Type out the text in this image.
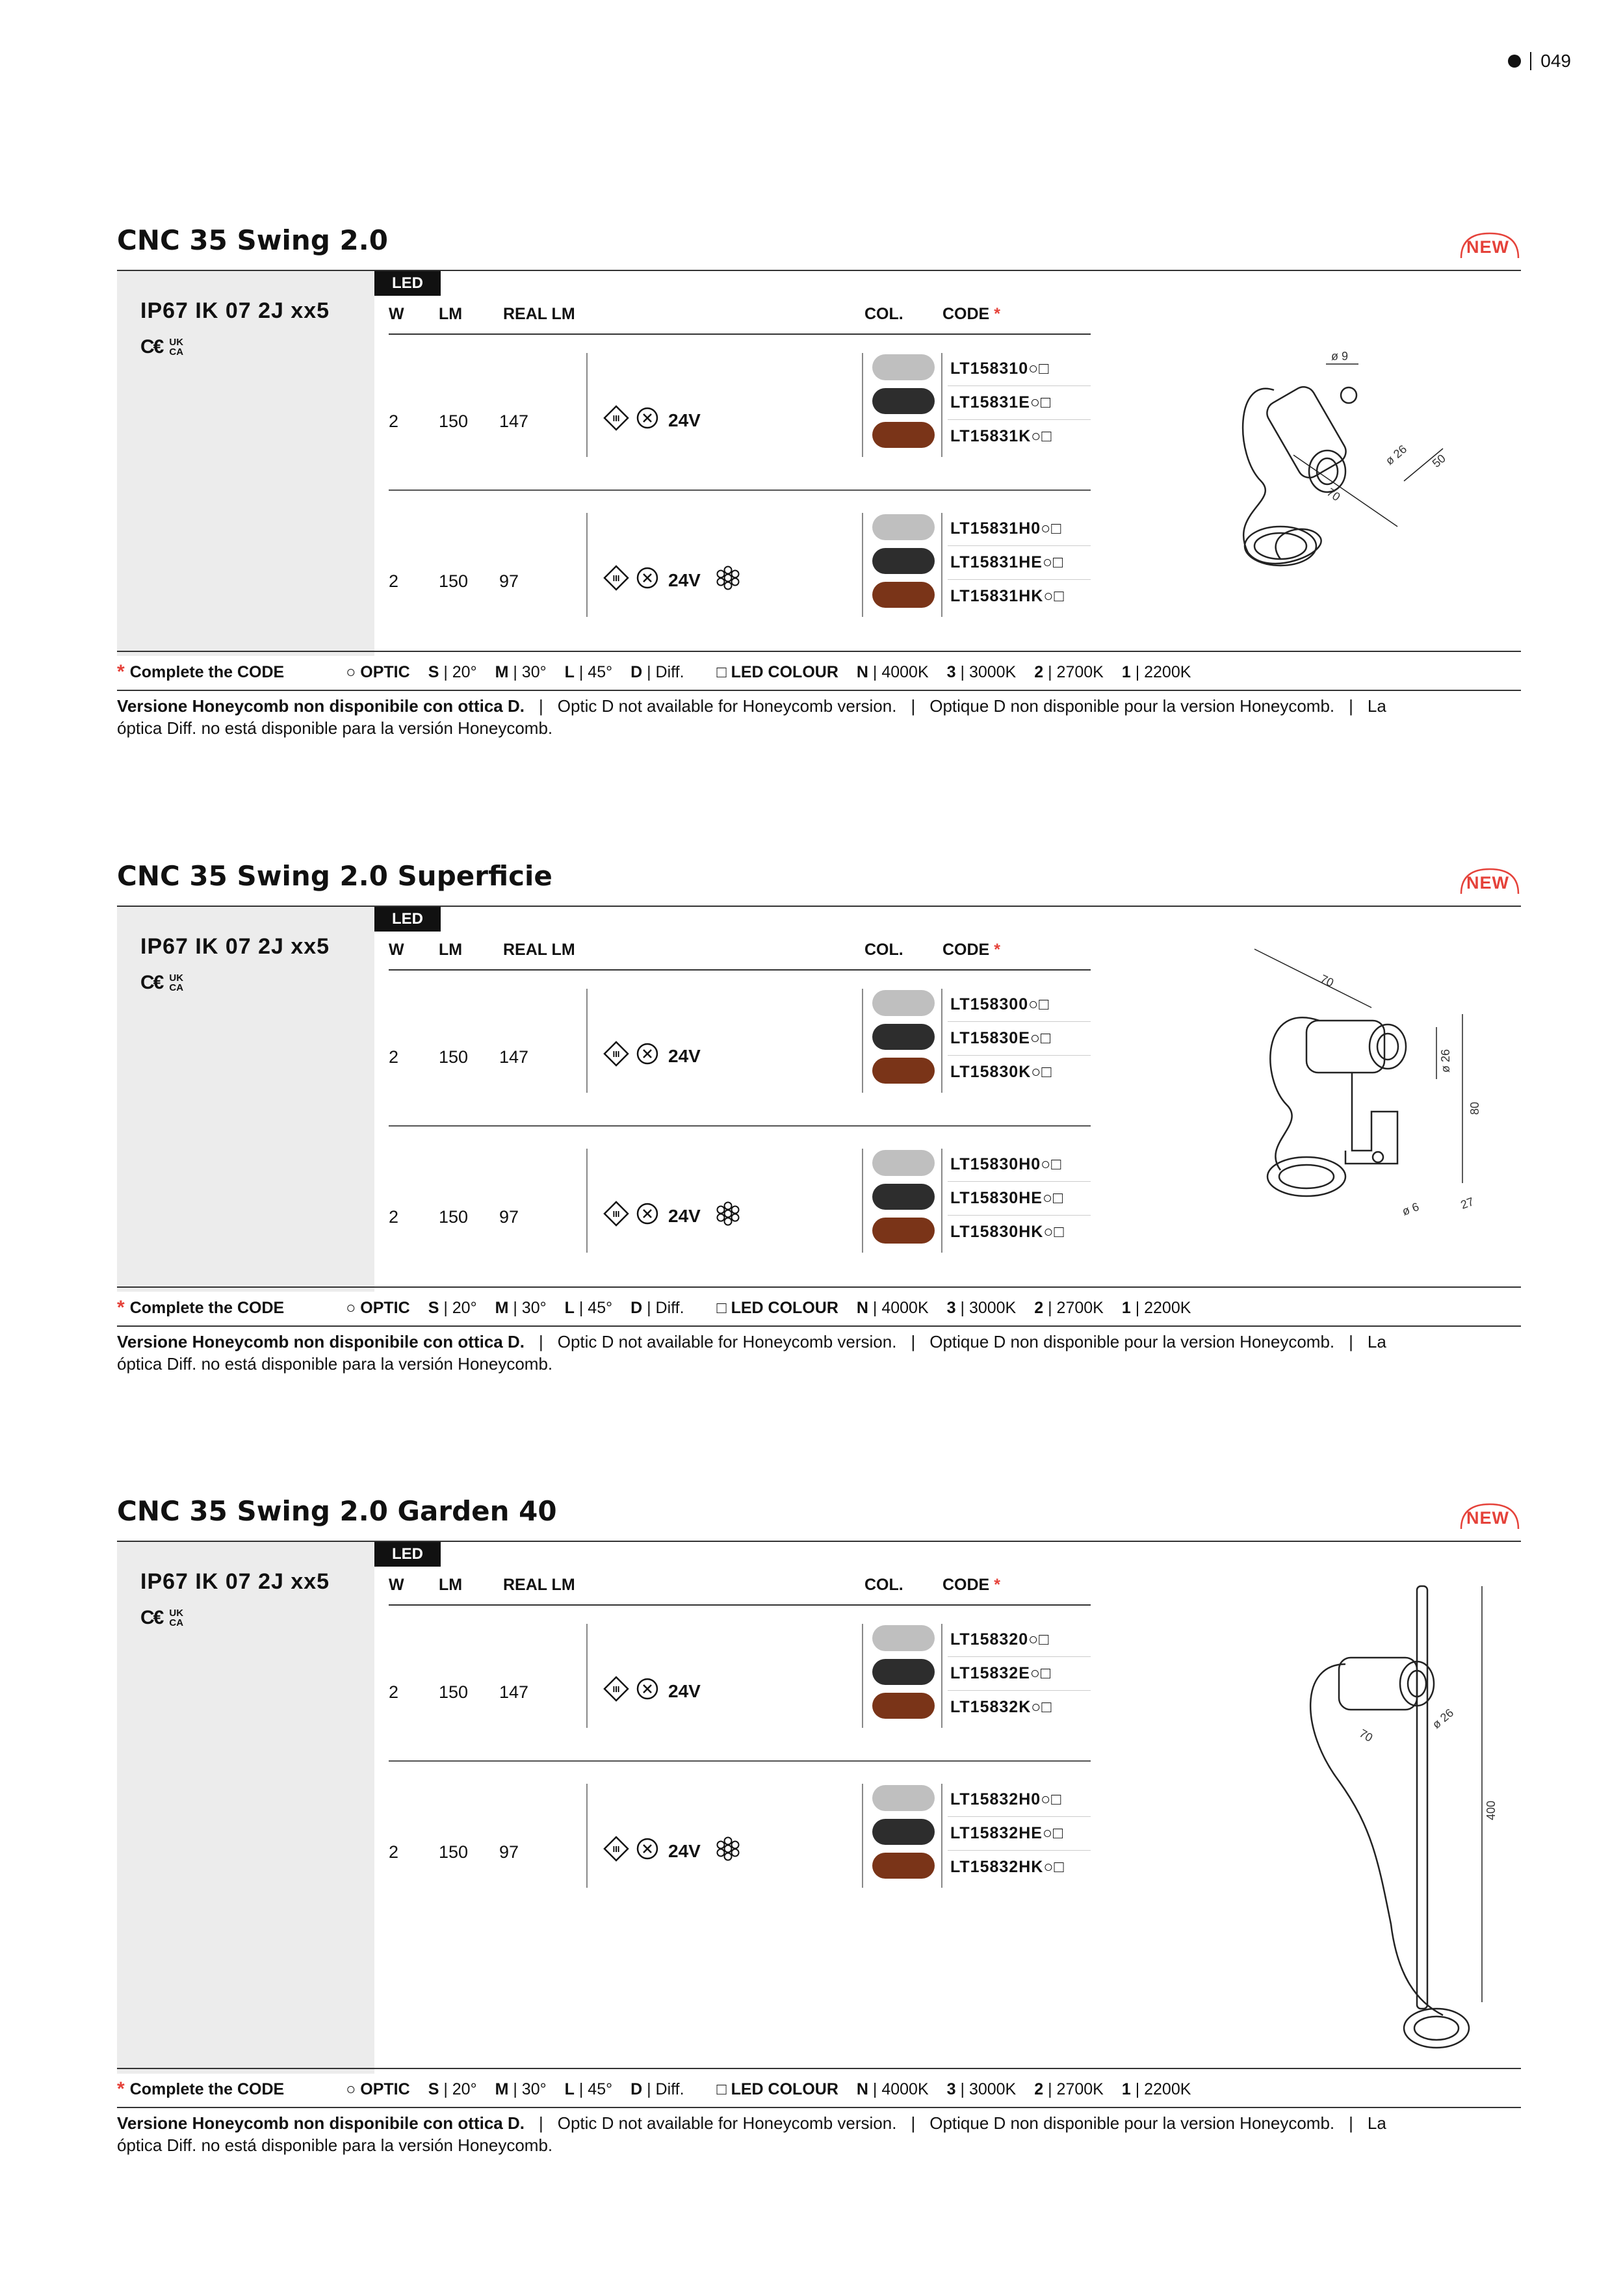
049
CNC 35 Swing 2.0	NEW
IP67 IK 07 2J xx5
C€ UK
CA
LED
W LM	REAL LM	COL. CODE *
2 150 147	III	24V
LT158310○□
LT15831E○□
LT15831K○□
2 150 97	III	24V
LT15831H0○□
LT15831HE○□
LT15831HK○□
* Complete the CODE	○
OPTIC S
| 20° M
| 30° L
| 45° D
| Diff. □
LED COLOUR N
| 4000K 3
| 3000K 2
| 2700K 1
| 2200K
Versione Honeycomb non disponibile con ottica D. | Optic D not available for Honeycomb version. | Optique D non disponible pour la version Honeycomb. | La óptica Diff. no está disponible para la versión Honeycomb.
CNC 35 Swing 2.0 Superficie	NEW
IP67 IK 07 2J xx5
C€ UK
CA
LED
W LM	REAL LM	COL. CODE *
2 150 147	III	24V
LT158300○□
LT15830E○□
LT15830K○□
2 150 97	III	24V
LT15830H0○□
LT15830HE○□
LT15830HK○□
* Complete the CODE	○
OPTIC S
| 20° M
| 30° L
| 45° D
| Diff. □
LED COLOUR N
| 4000K 3
| 3000K 2
| 2700K 1
| 2200K
Versione Honeycomb non disponibile con ottica D. | Optic D not available for Honeycomb version. | Optique D non disponible pour la version Honeycomb. | La óptica Diff. no está disponible para la versión Honeycomb.
CNC 35 Swing 2.0 Garden 40	NEW
IP67 IK 07 2J xx5
C€ UK
CA
LED
W LM	REAL LM	COL. CODE *
2 150 147	III	24V
LT158320○□
LT15832E○□
LT15832K○□
2 150 97	III	24V
LT15832H0○□
LT15832HE○□
LT15832HK○□
* Complete the CODE	○
OPTIC S
| 20° M
| 30° L
| 45° D
| Diff. □
LED COLOUR N
| 4000K 3
| 3000K 2
| 2700K 1
| 2200K
Versione Honeycomb non disponibile con ottica D. | Optic D not available for Honeycomb version. | Optique D non disponible pour la version Honeycomb. | La óptica Diff. no está disponible para la versión Honeycomb.
ø 9
ø 26 50
70
70
ø 26
80
ø 6	27
70
ø 26
400
